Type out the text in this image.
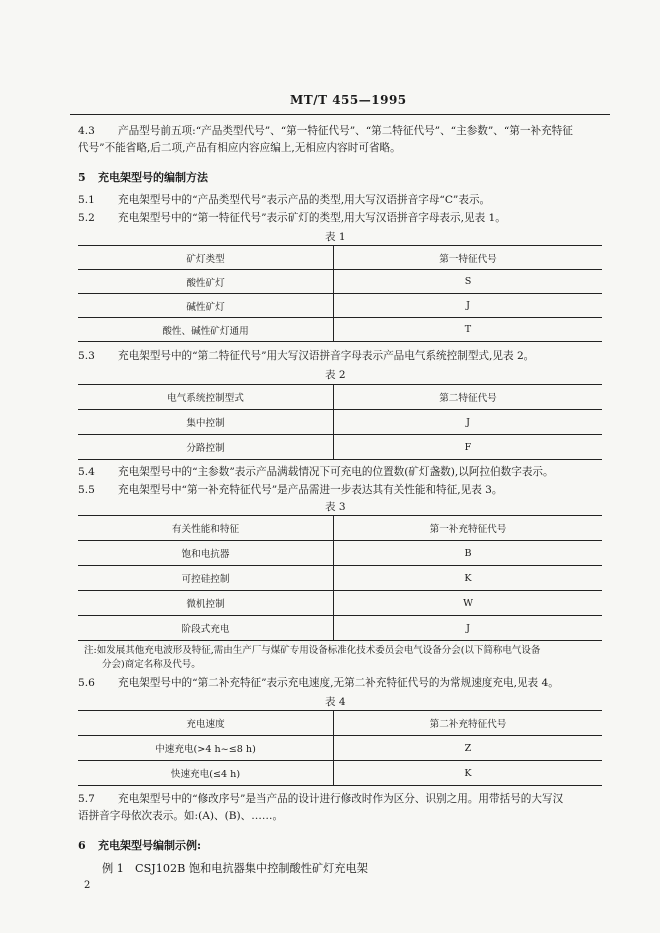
MT/T 455—1995
4.3 产品型号前五项:“产品类型代号”、“第一特征代号”、“第二特征代号”、“主参数”、“第一补充特征
代号”不能省略,后二项,产品有相应内容应编上,无相应内容时可省略。
5 充电架型号的编制方法
5.1 充电架型号中的“产品类型代号”表示产品的类型,用大写汉语拼音字母“C”表示。
5.2 充电架型号中的“第一特征代号”表示矿灯的类型,用大写汉语拼音字母表示,见表 1。
表 1
矿灯类型	第一特征代号
酸性矿灯	S
碱性矿灯	J
酸性、碱性矿灯通用	T
5.3 充电架型号中的“第二特征代号”用大写汉语拼音字母表示产品电气系统控制型式,见表 2。
表 2
电气系统控制型式	第二特征代号
集中控制	J
分路控制	F
5.4 充电架型号中的“主参数”表示产品满载情况下可充电的位置数(矿灯盏数),以阿拉伯数字表示。
5.5 充电架型号中“第一补充特征代号”是产品需进一步表达其有关性能和特征,见表 3。
表 3
有关性能和特征	第一补充特征代号
饱和电抗器	B
可控硅控制	K
微机控制	W
阶段式充电	J
注:如发展其他充电波形及特征,需由生产厂与煤矿专用设备标准化技术委员会电气设备分会(以下简称电气设备
分会)商定名称及代号。
5.6 充电架型号中的“第二补充特征”表示充电速度,无第二补充特征代号的为常规速度充电,见表 4。
表 4
充电速度	第二补充特征代号
中速充电(>4 h~≤8 h)	Z
快速充电(≤4 h)	K
5.7 充电架型号中的“修改序号”是当产品的设计进行修改时作为区分、识别之用。用带括号的大写汉
语拼音字母依次表示。如:(A)、(B)、……。
6 充电架型号编制示例:
例 1　CSJ102B 饱和电抗器集中控制酸性矿灯充电架
2
